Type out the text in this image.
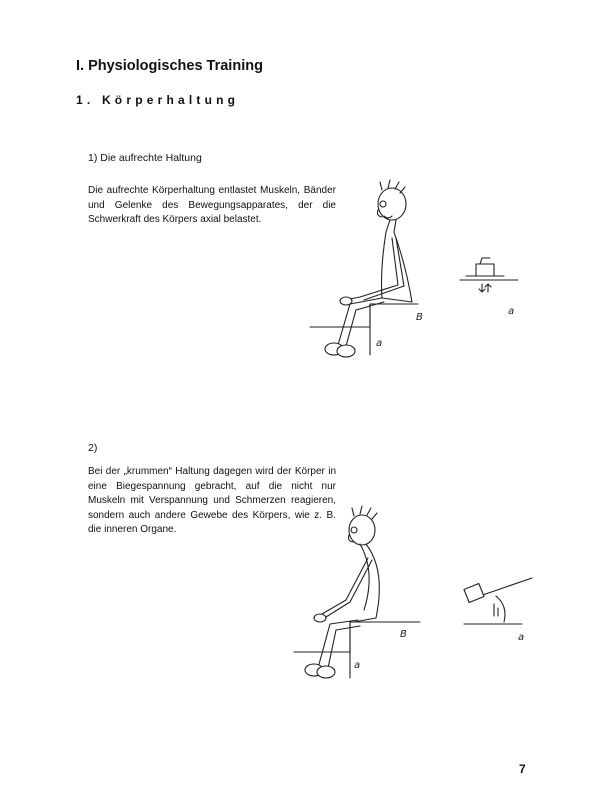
I. Physiologisches Training
1. Körperhaltung
1) Die aufrechte Haltung
Die aufrechte Körperhaltung entlastet Muskeln, Bänder und Gelenke des Bewegungsapparates, der die Schwerkraft des Körpers axial belastet.
B
a
a
2)
Bei der „krummen“ Haltung dagegen wird der Körper in eine Biegespannung gebracht, auf die nicht nur Muskeln mit Verspannung und Schmerzen reagieren, sondern auch andere Gewebe des Körpers, wie z. B. die inneren Organe.
B
a
a
7
